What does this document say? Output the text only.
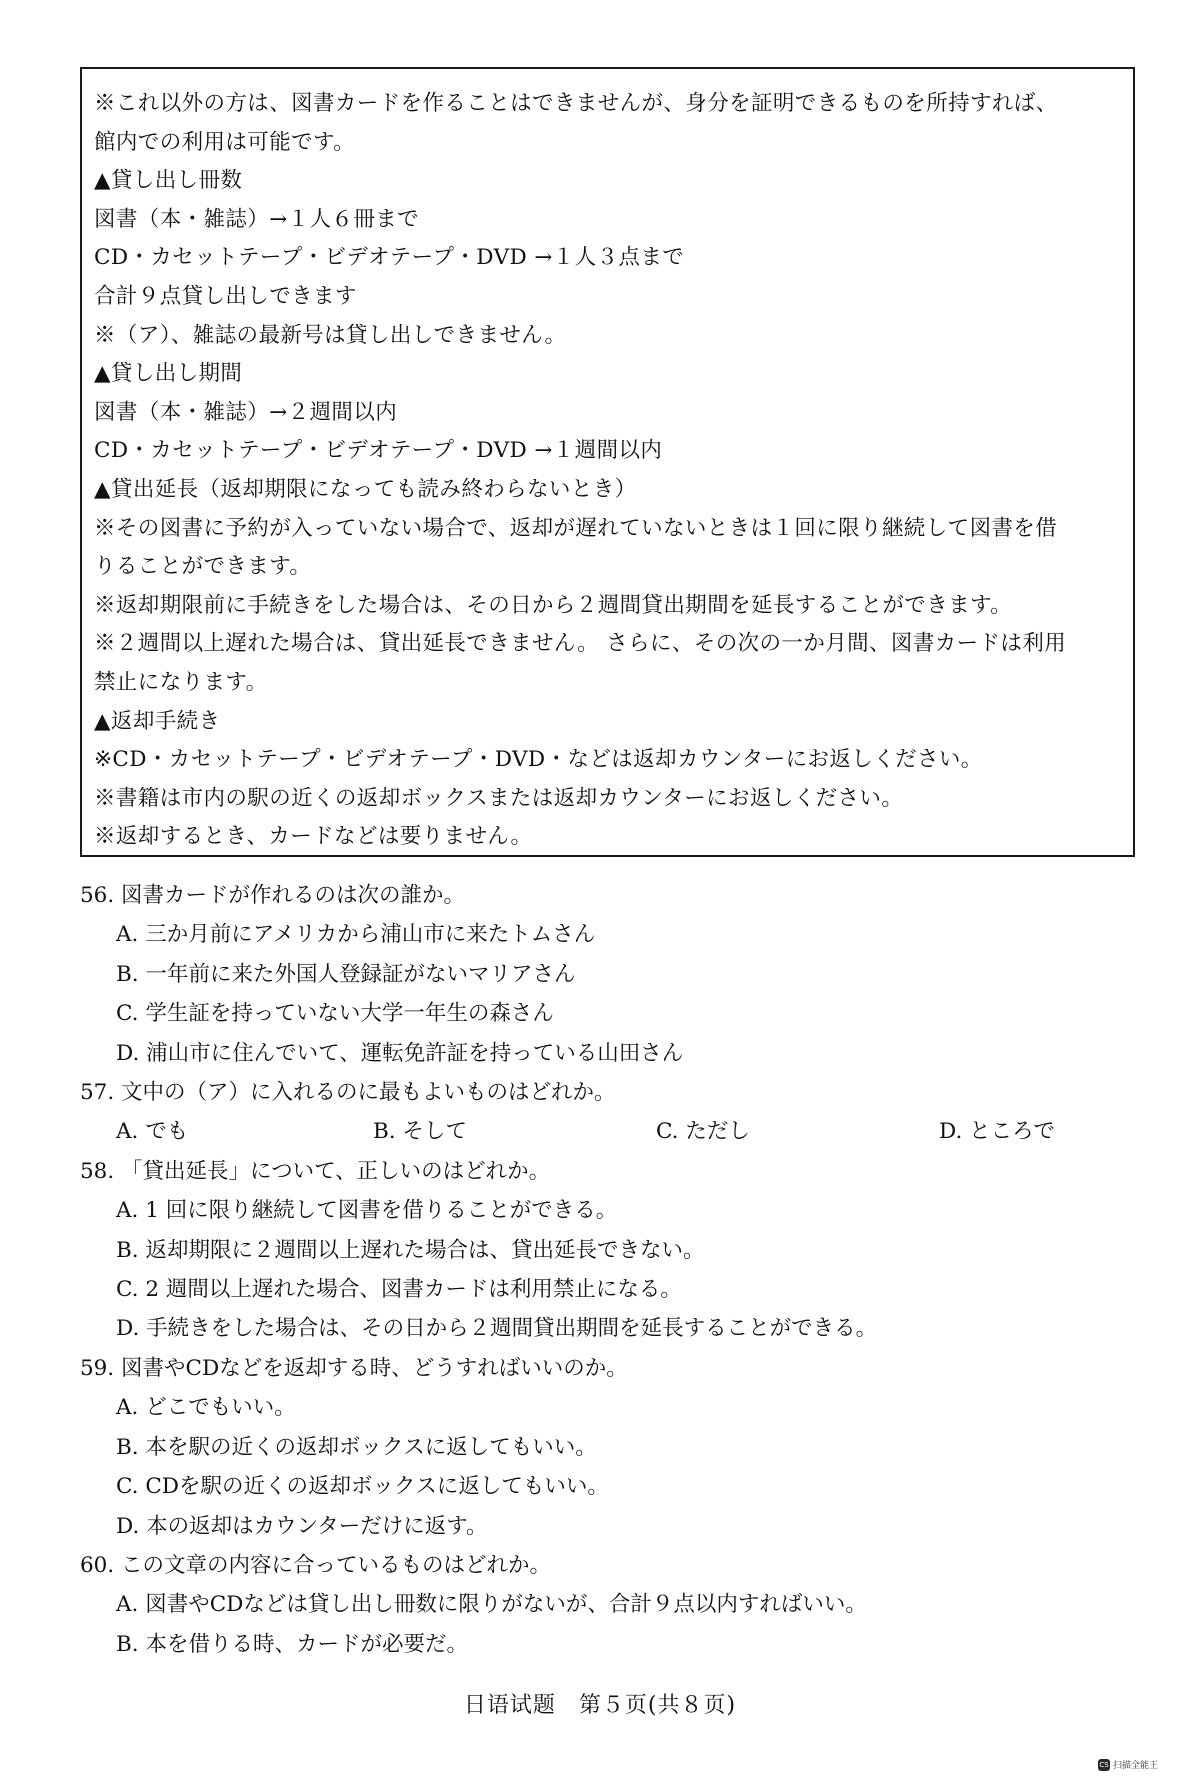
※これ以外の方は、図書カードを作ることはできませんが、身分を証明できるものを所持すれば、
館内での利用は可能です。
▲貸し出し冊数
図書（本・雑誌）→１人６冊まで
CD・カセットテープ・ビデオテープ・DVD →１人３点まで
合計９点貸し出しできます
※（ア）、雑誌の最新号は貸し出しできません。
▲貸し出し期間
図書（本・雑誌）→２週間以内
CD・カセットテープ・ビデオテープ・DVD →１週間以内
▲貸出延長（返却期限になっても読み終わらないとき）
※その図書に予約が入っていない場合で、返却が遅れていないときは１回に限り継続して図書を借
りることができます。
※返却期限前に手続きをした場合は、その日から２週間貸出期間を延長することができます。
※２週間以上遅れた場合は、貸出延長できません。 さらに、その次の一か月間、図書カードは利用
禁止になります。
▲返却手続き
※CD・カセットテープ・ビデオテープ・DVD・などは返却カウンターにお返しください。
※書籍は市内の駅の近くの返却ボックスまたは返却カウンターにお返しください。
※返却するとき、カードなどは要りません。
56. 図書カードが作れるのは次の誰か。
A. 三か月前にアメリカから浦山市に来たトムさん
B. 一年前に来た外国人登録証がないマリアさん
C. 学生証を持っていない大学一年生の森さん
D. 浦山市に住んでいて、運転免許証を持っている山田さん
57. 文中の（ア）に入れるのに最もよいものはどれか。
A. でも	B. そして	C. ただし	D. ところで
58. 「貸出延長」について、正しいのはどれか。
A. 1 回に限り継続して図書を借りることができる。
B. 返却期限に２週間以上遅れた場合は、貸出延長できない。
C. 2 週間以上遅れた場合、図書カードは利用禁止になる。
D. 手続きをした場合は、その日から２週間貸出期間を延長することができる。
59. 図書やCDなどを返却する時、どうすればいいのか。
A. どこでもいい。
B. 本を駅の近くの返却ボックスに返してもいい。
C. CDを駅の近くの返却ボックスに返してもいい。
D. 本の返却はカウンターだけに返す。
60. この文章の内容に合っているものはどれか。
A. 図書やCDなどは貸し出し冊数に限りがないが、合計９点以内すればいい。
B. 本を借りる時、カードが必要だ。
日语试题　第５页(共８页)
CS 扫描全能王
